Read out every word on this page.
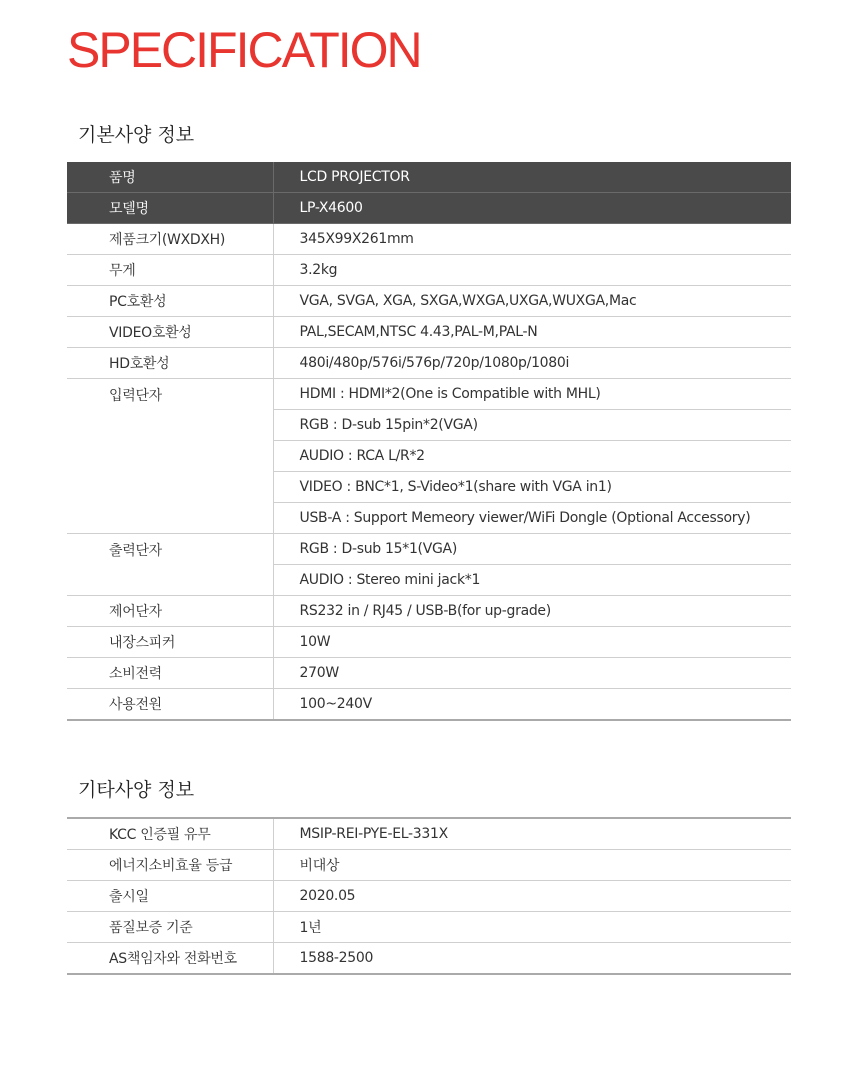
SPECIFICATION
기본사양 정보
품명	LCD PROJECTOR
모델명	LP-X4600
제품크기(WXDXH)	345X99X261mm
무게	3.2kg
PC호환성	VGA, SVGA, XGA, SXGA,WXGA,UXGA,WUXGA,Mac
VIDEO호환성	PAL,SECAM,NTSC 4.43,PAL-M,PAL-N
HD호환성	480i/480p/576i/576p/720p/1080p/1080i
입력단자	HDMI : HDMI*2(One is Compatible with MHL)
	RGB : D-sub 15pin*2(VGA)
	AUDIO : RCA L/R*2
	VIDEO : BNC*1, S-Video*1(share with VGA in1)
	USB-A : Support Memeory viewer/WiFi Dongle (Optional Accessory)
출력단자	RGB : D-sub 15*1(VGA)
	AUDIO : Stereo mini jack*1
제어단자	RS232 in / RJ45 / USB-B(for up-grade)
내장스피커	10W
소비전력	270W
사용전원	100~240V
기타사양 정보
KCC 인증필 유무	MSIP-REI-PYE-EL-331X
에너지소비효율 등급	비대상
출시일	2020.05
품질보증 기준	1년
AS책임자와 전화번호	1588-2500
